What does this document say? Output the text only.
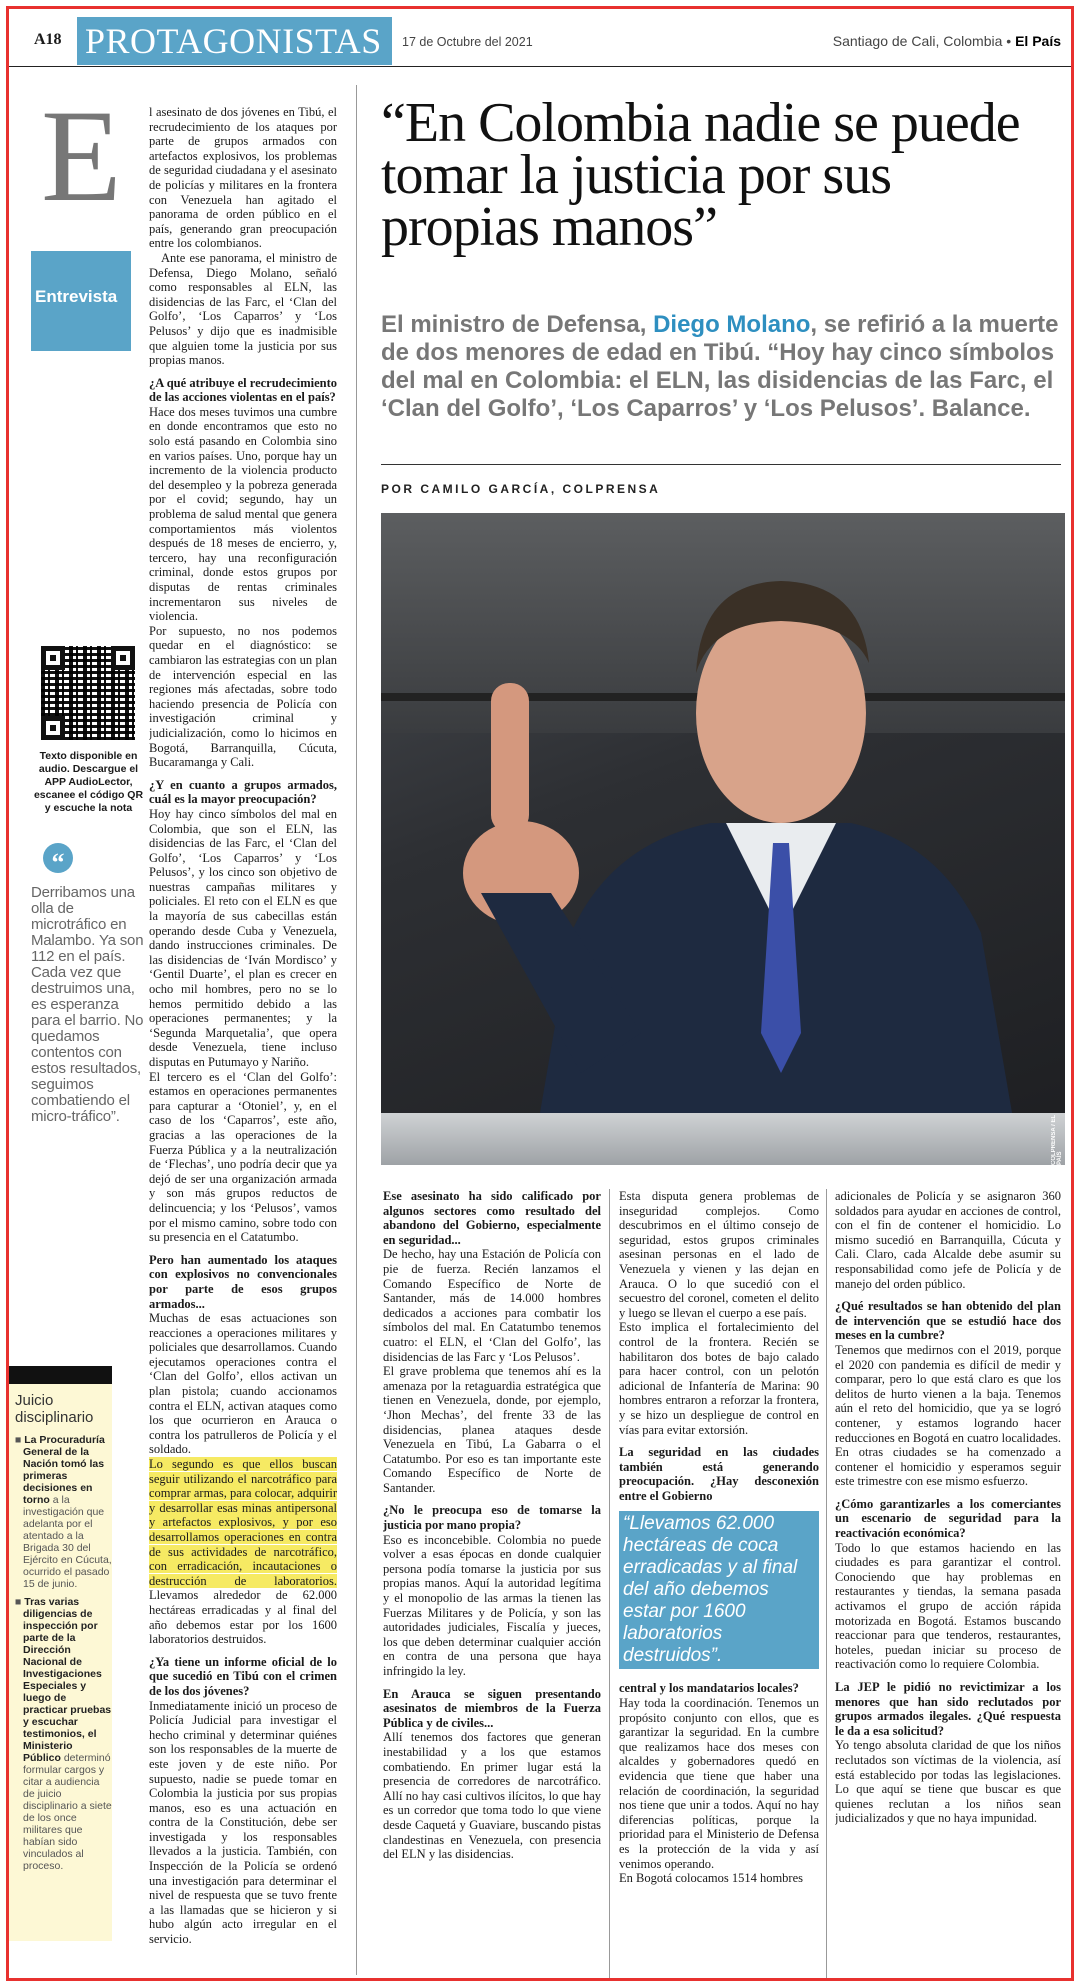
A18 PROTAGONISTAS	17 de Octubre del 2021	Santiago de Cali, Colombia • El País
E
Entrevista
Texto disponible en audio. Descargue el APP AudioLector, escanee el código QR y escuche la nota
“
Derribamos una olla de microtráfico en Malambo. Ya son 112 en el país. Cada vez que destruimos una, es esperanza para el barrio. No quedamos contentos con estos resultados, seguimos combatiendo el micro-tráfico”.
Juicio disciplinario

■ La Procuraduría General de la Nación tomó las primeras decisiones en torno a la investigación que adelanta por el atentado a la Brigada 30 del Ejército en Cúcuta, ocurrido el pasado 15 de junio.

■ Tras varias diligencias de inspección por parte de la Dirección Nacional de Investigaciones Especiales y luego de practicar pruebas y escuchar testimonios, el Ministerio Público determinó formular cargos y citar a audiencia de juicio disciplinario a siete de los once militares que habían sido vinculados al proceso.

l asesinato de dos jóvenes en Tibú, el recrudecimiento de los ataques por parte de grupos armados con artefactos explosivos, los problemas de seguridad ciudadana y el asesinato de policías y militares en la frontera con Venezuela han agitado el panorama de orden público en el país, generando gran preocupación entre los colombianos.

Ante ese panorama, el ministro de Defensa, Diego Molano, señaló como responsables al ELN, las disidencias de las Farc, el ‘Clan del Golfo’, ‘Los Caparros’ y ‘Los Pelusos’ y dijo que es inadmisible que alguien tome la justicia por sus propias manos.

¿A qué atribuye el recrudecimiento de las acciones violentas en el país?

Hace dos meses tuvimos una cumbre en donde encontramos que esto no solo está pasando en Colombia sino en varios países. Uno, porque hay un incremento de la violencia producto del desempleo y la pobreza generada por el covid; segundo, hay un problema de salud mental que genera comportamientos más violentos después de 18 meses de encierro, y, tercero, hay una reconfiguración criminal, donde estos grupos por disputas de rentas criminales incrementaron sus niveles de violencia.

Por supuesto, no nos podemos quedar en el diagnóstico: se cambiaron las estrategias con un plan de intervención especial en las regiones más afectadas, sobre todo haciendo presencia de Policía con investigación criminal y judicialización, como lo hicimos en Bogotá, Barranquilla, Cúcuta, Bucaramanga y Cali.

¿Y en cuanto a grupos armados, cuál es la mayor preocupación?

Hoy hay cinco símbolos del mal en Colombia, que son el ELN, las disidencias de las Farc, el ‘Clan del Golfo’, ‘Los Caparros’ y ‘Los Pelusos’, y los cinco son objetivo de nuestras campañas militares y policiales. El reto con el ELN es que la mayoría de sus cabecillas están operando desde Cuba y Venezuela, dando instrucciones criminales. De las disidencias de ‘Iván Mordisco’ y ‘Gentil Duarte’, el plan es crecer en ocho mil hombres, pero no se lo hemos permitido debido a las operaciones permanentes; y la ‘Segunda Marquetalia’, que opera desde Venezuela, tiene incluso disputas en Putumayo y Nariño.

El tercero es el ‘Clan del Golfo’: estamos en operaciones permanentes para capturar a ‘Otoniel’, y, en el caso de los ‘Caparros’, este año, gracias a las operaciones de la Fuerza Pública y a la neutralización de ‘Flechas’, uno podría decir que ya dejó de ser una organización armada y son más grupos reductos de delincuencia; y los ‘Pelusos’, vamos por el mismo camino, sobre todo con su presencia en el Catatumbo.

Pero han aumentado los ataques con explosivos no convencionales por parte de esos grupos armados...

Muchas de esas actuaciones son reacciones a operaciones militares y policiales que desarrollamos. Cuando ejecutamos operaciones contra el ‘Clan del Golfo’, ellos activan un plan pistola; cuando accionamos contra el ELN, activan ataques como los que ocurrieron en Arauca o contra los patrulleros de Policía y el soldado.

Lo segundo es que ellos buscan seguir utilizando el narcotráfico para comprar armas, para colocar, adquirir y desarrollar esas minas antipersonal y artefactos explosivos, y por eso desarrollamos operaciones en contra de sus actividades de narcotráfico, con erradicación, incautaciones o destrucción de laboratorios. Llevamos alrededor de 62.000 hectáreas erradicadas y al final del año debemos estar por los 1600 laboratorios destruidos.

¿Ya tiene un informe oficial de lo que sucedió en Tibú con el crimen de los dos jóvenes?

Inmediatamente inició un proceso de Policía Judicial para investigar el hecho criminal y determinar quiénes son los responsables de la muerte de este joven y de este niño. Por supuesto, nadie se puede tomar en Colombia la justicia por sus propias manos, eso es una actuación en contra de la Constitución, debe ser investigada y los responsables llevados a la justicia. También, con Inspección de la Policía se ordenó una investigación para determinar el nivel de respuesta que se tuvo frente a las llamadas que se hicieron y si hubo algún acto irregular en el servicio.

“En Colombia nadie se puede tomar la justicia por sus propias manos”
El ministro de Defensa, Diego Molano, se refirió a la muerte de dos menores de edad en Tibú. “Hoy hay cinco símbolos del mal en Colombia: el ELN, las disidencias de las Farc, el ‘Clan del Golfo’, ‘Los Caparros’ y ‘Los Pelusos’. Balance.
POR CAMILO GARCÍA, COLPRENSA
COLPRENSA / EL PAÍS

Ese asesinato ha sido calificado por algunos sectores como resultado del abandono del Gobierno, especialmente en seguridad...

De hecho, hay una Estación de Policía con pie de fuerza. Recién lanzamos el Comando Específico de Norte de Santander, más de 14.000 hombres dedicados a acciones para combatir los símbolos del mal. En Catatumbo tenemos cuatro: el ELN, el ‘Clan del Golfo’, las disidencias de las Farc y ‘Los Pelusos’.

El grave problema que tenemos ahí es la amenaza por la retaguardia estratégica que tienen en Venezuela, donde, por ejemplo, ‘Jhon Mechas’, del frente 33 de las disidencias, planea ataques desde Venezuela en Tibú, La Gabarra o el Catatumbo. Por eso es tan importante este Comando Específico de Norte de Santander.

¿No le preocupa eso de tomarse la justicia por mano propia?

Eso es inconcebible. Colombia no puede volver a esas épocas en donde cualquier persona podía tomarse la justicia por sus propias manos. Aquí la autoridad legítima y el monopolio de las armas la tienen las Fuerzas Militares y de Policía, y son las autoridades judiciales, Fiscalía y jueces, los que deben determinar cualquier acción en contra de una persona que haya infringido la ley.

En Arauca se siguen presentando asesinatos de miembros de la Fuerza Pública y de civiles...

Allí tenemos dos factores que generan inestabilidad y a los que estamos combatiendo. En primer lugar está la presencia de corredores de narcotráfico. Allí no hay casi cultivos ilícitos, lo que hay es un corredor que toma todo lo que viene desde Caquetá y Guaviare, buscando pistas clandestinas en Venezuela, con presencia del ELN y las disidencias.

Esta disputa genera problemas de inseguridad complejos. Como descubrimos en el último consejo de seguridad, estos grupos criminales asesinan personas en el lado de Venezuela y vienen y las dejan en Arauca. O lo que sucedió con el secuestro del coronel, cometen el delito y luego se llevan el cuerpo a ese país.

Esto implica el fortalecimiento del control de la frontera. Recién se habilitaron dos botes de bajo calado para hacer control, con un pelotón adicional de Infantería de Marina: 90 hombres entraron a reforzar la frontera, y se hizo un despliegue de control en vías para evitar extorsión.

La seguridad en las ciudades también está generando preocupación. ¿Hay desconexión entre el Gobierno

“Llevamos 62.000 hectáreas de coca erradicadas y al final del año debemos estar por 1600 laboratorios destruidos”.

central y los mandatarios locales?

Hay toda la coordinación. Tenemos un propósito conjunto con ellos, que es garantizar la seguridad. En la cumbre que realizamos hace dos meses con alcaldes y gobernadores quedó en evidencia que tiene que haber una relación de coordinación, la seguridad nos tiene que unir a todos. Aquí no hay diferencias políticas, porque la prioridad para el Ministerio de Defensa es la protección de la vida y así venimos operando.

En Bogotá colocamos 1514 hombres

adicionales de Policía y se asignaron 360 soldados para ayudar en acciones de control, con el fin de contener el homicidio. Lo mismo sucedió en Barranquilla, Cúcuta y Cali. Claro, cada Alcalde debe asumir su responsabilidad como jefe de Policía y de manejo del orden público.

¿Qué resultados se han obtenido del plan de intervención que se estudió hace dos meses en la cumbre?

Tenemos que medirnos con el 2019, porque el 2020 con pandemia es difícil de medir y comparar, pero lo que está claro es que los delitos de hurto vienen a la baja. Tenemos aún el reto del homicidio, que ya se logró contener, y estamos logrando hacer reducciones en Bogotá en cuatro localidades. En otras ciudades se ha comenzado a contener el homicidio y esperamos seguir este trimestre con ese mismo esfuerzo.

¿Cómo garantizarles a los comerciantes un escenario de seguridad para la reactivación económica?

Todo lo que estamos haciendo en las ciudades es para garantizar el control. Conociendo que hay problemas en restaurantes y tiendas, la semana pasada activamos el grupo de acción rápida motorizada en Bogotá. Estamos buscando reaccionar para que tenderos, restaurantes, hoteles, puedan iniciar su proceso de reactivación como lo requiere Colombia.

La JEP le pidió no revictimizar a los menores que han sido reclutados por grupos armados ilegales. ¿Qué respuesta le da a esa solicitud?

Yo tengo absoluta claridad de que los niños reclutados son víctimas de la violencia, así está establecido por todas las legislaciones. Lo que aquí se tiene que buscar es que quienes reclutan a los niños sean judicializados y que no haya impunidad.
